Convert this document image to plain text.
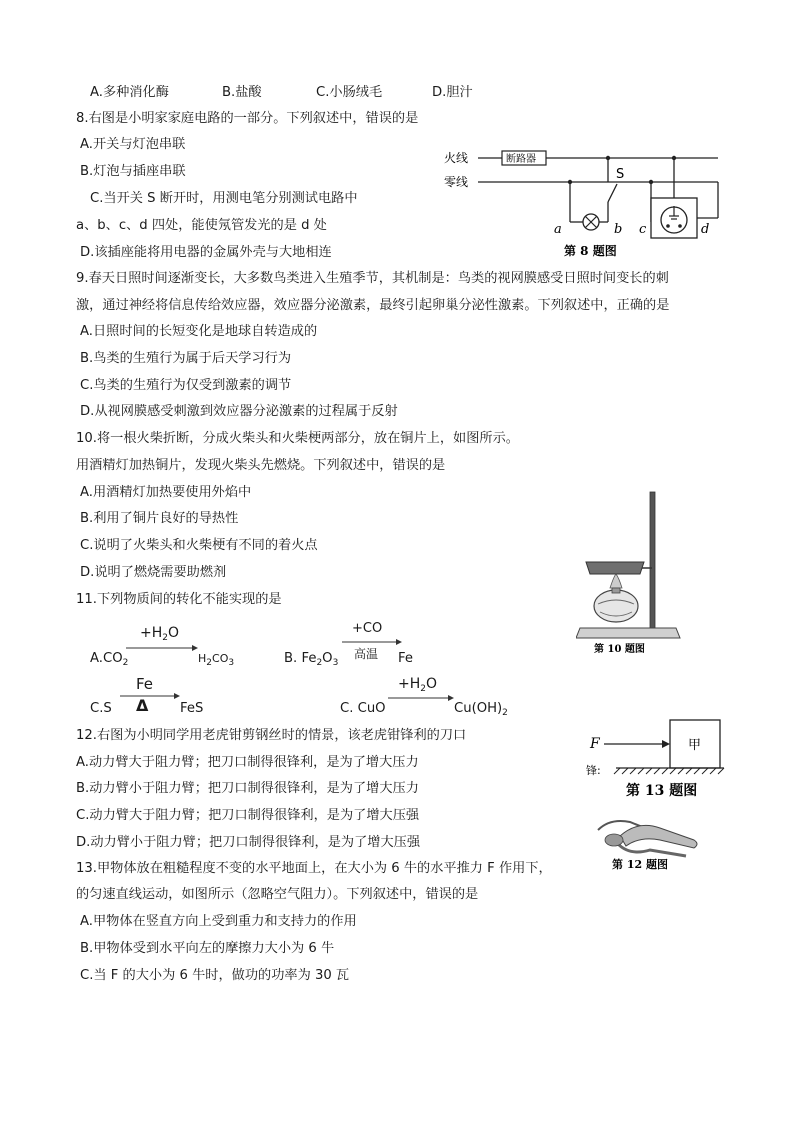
A.多种消化酶	B.盐酸	C.小肠绒毛	D.胆汁
8.右图是小明家家庭电路的一部分。下列叙述中，错误的是
A.开关与灯泡串联
B.灯泡与插座串联
C.当开关 S 断开时，用测电笔分别测试电路中
a、b、c、d 四处，能使氖管发光的是 d 处
D.该插座能将用电器的金属外壳与大地相连
火线
零线
断路器
S
a	b c	d
第 8 题图
9.春天日照时间逐渐变长，大多数鸟类进入生殖季节，其机制是：鸟类的视网膜感受日照时间变长的刺
激，通过神经将信息传给效应器，效应器分泌激素，最终引起卵巢分泌性激素。下列叙述中，正确的是
A.日照时间的长短变化是地球自转造成的
B.鸟类的生殖行为属于后天学习行为
C.鸟类的生殖行为仅受到激素的调节
D.从视网膜感受刺激到效应器分泌激素的过程属于反射
10.将一根火柴折断，分成火柴头和火柴梗两部分，放在铜片上，如图所示。
用酒精灯加热铜片，发现火柴头先燃烧。下列叙述中，错误的是
A.用酒精灯加热要使用外焰中
B.利用了铜片良好的导热性
C.说明了火柴头和火柴梗有不同的着火点
D.说明了燃烧需要助燃剂
第 10 题图
11.下列物质间的转化不能实现的是
$A.CO_2$
$+H_2O$
$H_2CO_3$	B. $Fe_2O_3$
+CO
高温 Fe
C.S
Fe
Δ FeS	C. CuO
$+H_2O$
$Cu(OH)_2$
12.右图为小明同学用老虎钳剪钢丝时的情景，该老虎钳锋利的刀口
A.动力臂大于阻力臂；把刀口制得很锋利，是为了增大压力
B.动力臂小于阻力臂；把刀口制得很锋利，是为了增大压力
C.动力臂大于阻力臂；把刀口制得很锋利，是为了增大压强
D.动力臂小于阻力臂；把刀口制得很锋利，是为了增大压强
F	甲
锋:
第 13 题图
第 12 题图
13.甲物体放在粗糙程度不变的水平地面上，在大小为 6 牛的水平推力 F 作用下，
的匀速直线运动，如图所示（忽略空气阻力）。下列叙述中，错误的是
A.甲物体在竖直方向上受到重力和支持力的作用
B.甲物体受到水平向左的摩擦力大小为 6 牛
C.当 F 的大小为 6 牛时，做功的功率为 30 瓦
